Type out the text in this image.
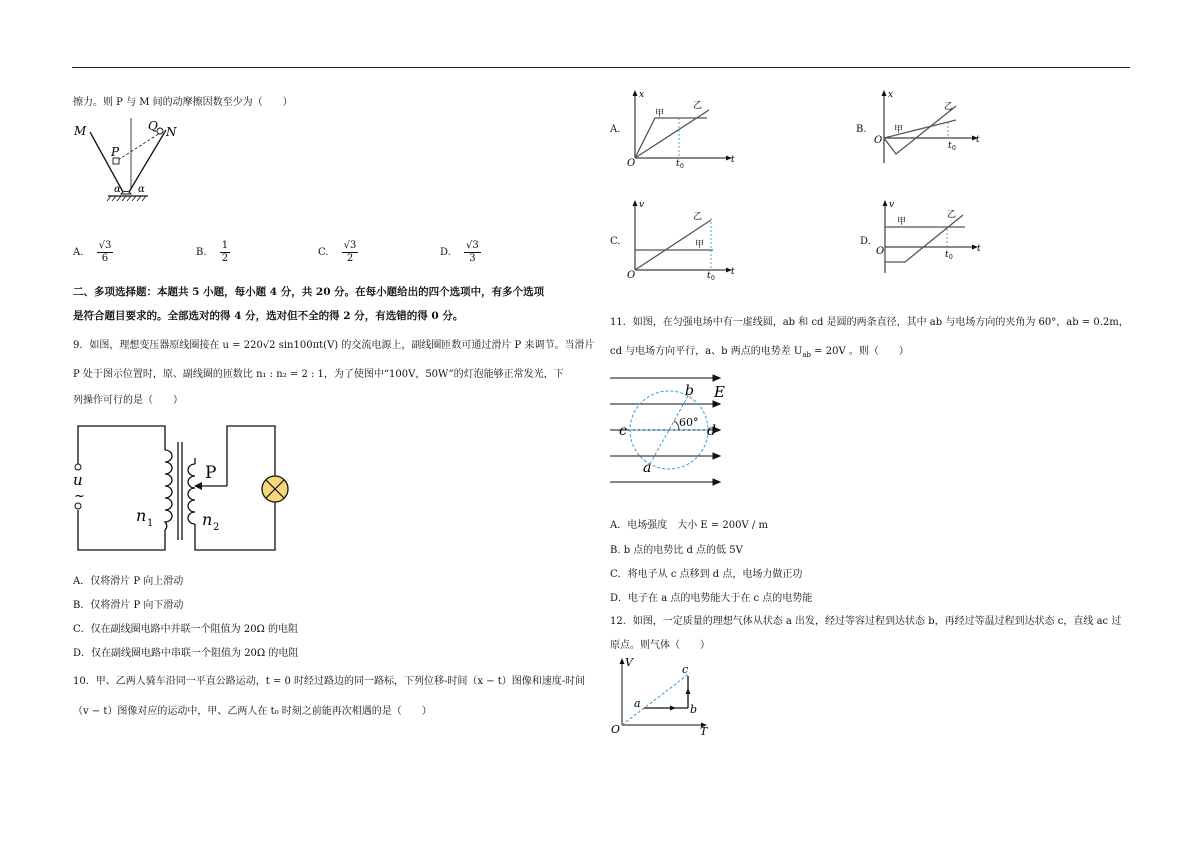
擦力。则 P 与 M 间的动摩擦因数至少为（　　）
M	Q N
P
α α
A. $\frac{√3}{6}$	B. $\frac{1}{2}$	C. $\frac{√3}{2}$	D. $\frac{√3}{3}$
二、多项选择题：本题共 5 小题，每小题 4 分，共 20 分。在每小题给出的四个选项中，有多个选项
是符合题目要求的。全部选对的得 4 分，选对但不全的得 2 分，有选错的得 0 分。
9．如图，理想变压器原线圈接在 u = 220√2 sin100πt(V) 的交流电源上，副线圈匝数可通过滑片 P 来调节。当滑片
P 处于图示位置时，原、副线圈的匝数比 n₁ : n₂ = 2 : 1，为了使图中“100V，50W”的灯泡能够正常发光，下
列操作可行的是（　　）
u
~
P
n 1	n 2
A．仅将滑片 P 向上滑动
B．仅将滑片 P 向下滑动
C．仅在副线圈电路中并联一个阻值为 20Ω 的电阻
D．仅在副线圈电路中串联一个阻值为 20Ω 的电阻
10．甲、乙两人骑车沿同一平直公路运动，t = 0 时经过路边的同一路标，下列位移-时间（x − t）图像和速度-时间
（v − t）图像对应的运动中，甲、乙两人在 t₀ 时刻之前能再次相遇的是（　　）
A.
x
甲
乙
O	t
t 0
B.
x
甲
乙
O	t
t 0
C.
v
甲
乙
O	t
t 0
D.
v
甲
乙
O	t
t 0
11．如图，在匀强电场中有一虚线圆，ab 和 cd 是圆的两条直径，其中 ab 与电场方向的夹角为 60°，ab = 0.2m，
cd 与电场方向平行，a、b 两点的电势差 $U_{ab} = 20V$ 。则（　　）
b E
60°
c	d
a
A．电场强度　大小 E = 200V / m
B. b 点的电势比 d 点的低 5V
C．将电子从 c 点移到 d 点，电场力做正功
D．电子在 a 点的电势能大于在 c 点的电势能
12．如图，一定质量的理想气体从状态 a 出发，经过等容过程到达状态 b，再经过等温过程到达状态 c，直线 ac 过
原点。则气体（　　）
V
T
O
a	b
c
